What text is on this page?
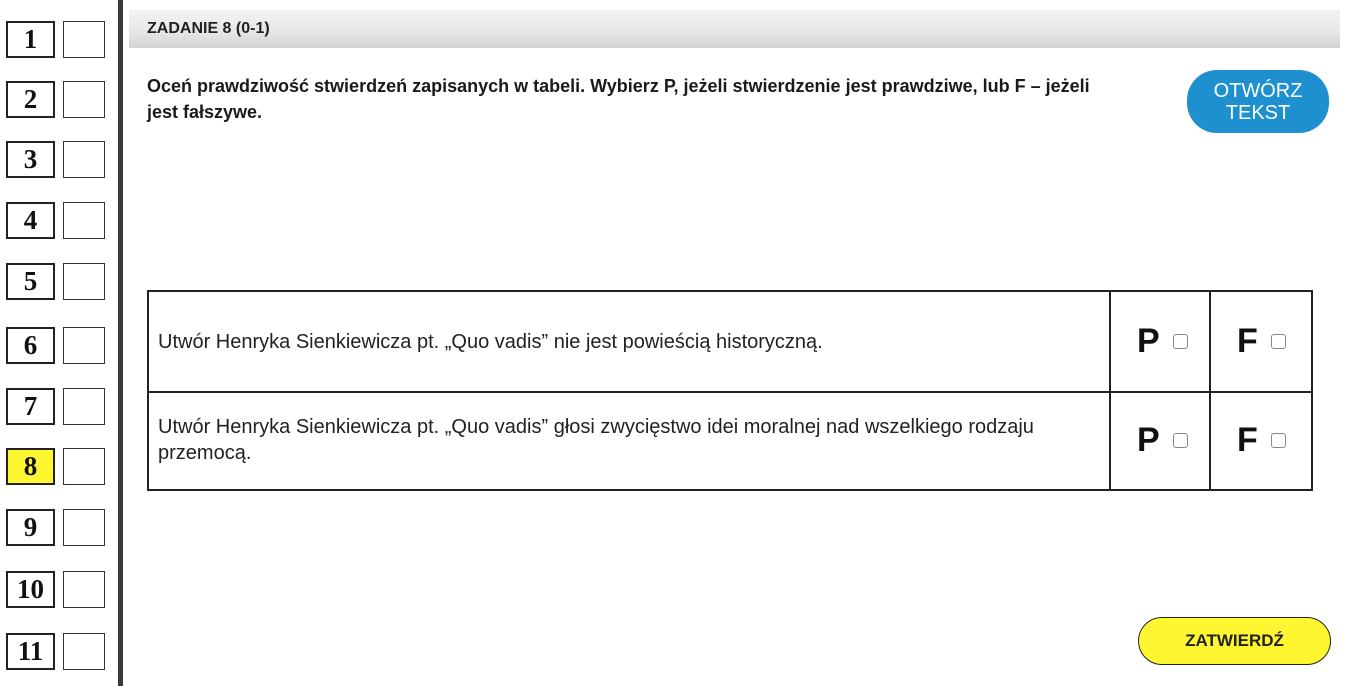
1
2
3
4
5
6
7
8
9
10
11
ZADANIE 8 (0-1)
Oceń prawdziwość stwierdzeń zapisanych w tabeli. Wybierz P, jeżeli stwierdzenie jest prawdziwe, lub F – jeżeli jest fałszywe.
OTWÓRZ
TEKST
Utwór Henryka Sienkiewicza pt. „Quo vadis” nie jest powieścią historyczną.	P F
Utwór Henryka Sienkiewicza pt. „Quo vadis” głosi zwycięstwo idei moralnej nad wszelkiego rodzaju przemocą.	P F
ZATWIERDŹ
